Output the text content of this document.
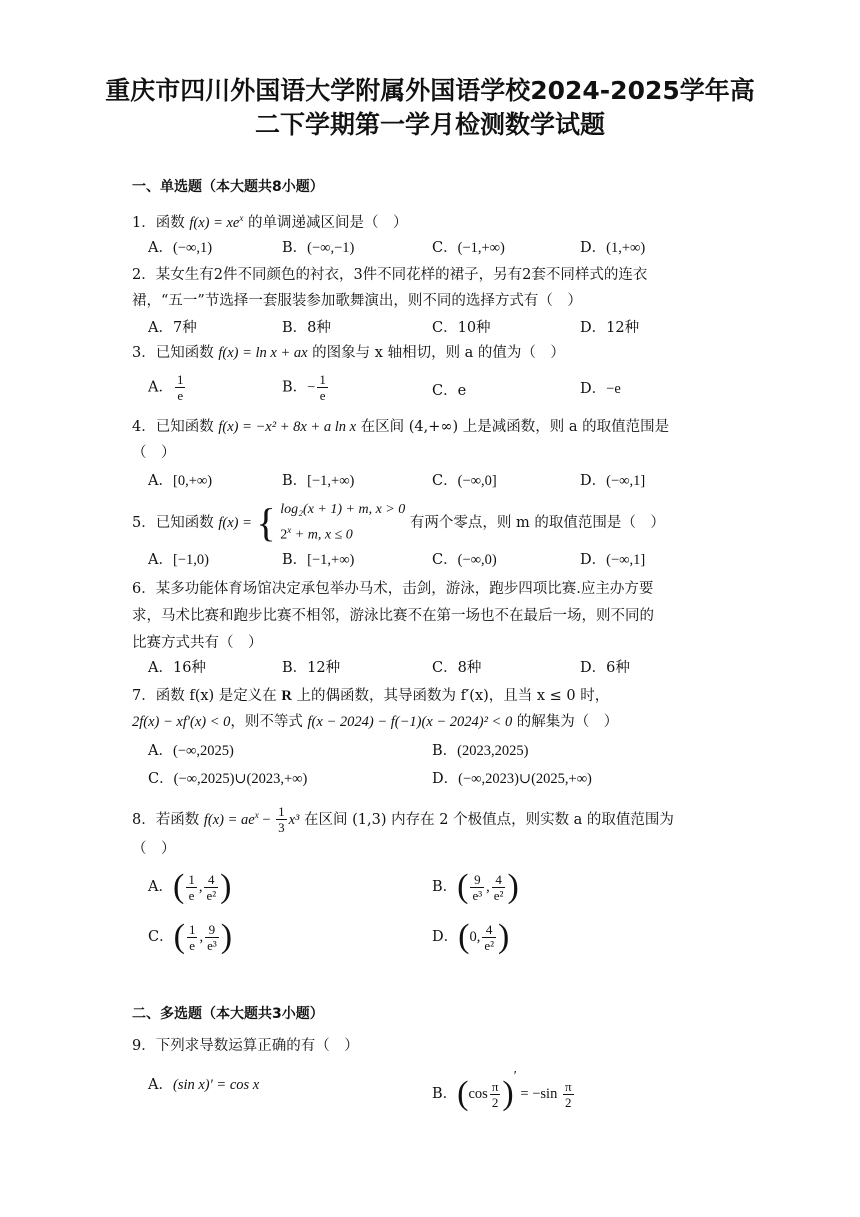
重庆市四川外国语大学附属外国语学校2024-2025学年高
二下学期第一学月检测数学试题
一、单选题（本大题共8小题）
1．函数 $f(x) = xe^x$ 的单调递减区间是（　）
A．(−∞,1)	B．(−∞,−1)	C．(−1,+∞)	D．(1,+∞)
2．某女生有2件不同颜色的衬衣，3件不同花样的裙子，另有2套不同样式的连衣
裙，“五一”节选择一套服装参加歌舞演出，则不同的选择方式有（　）
A．7种	B．8种	C．10种	D．12种
3．已知函数 f(x) = ln x + ax 的图象与 x 轴相切，则 a 的值为（　）
A． $\frac{1}{e}$	B．− $\frac{1}{e}$	C．e	D．−e
4．已知函数 f(x) = −x² + 8x + a ln x 在区间 (4,+∞) 上是减函数，则 a 的取值范围是
（　）
A．[0,+∞)	B．[−1,+∞)	C．(−∞,0]	D．(−∞,1]
5．已知函数 f(x) = { log₂(x + 1) + m, x > 0
$2^x + m$, x ≤ 0
有两个零点，则 m 的取值范围是（　）
A．[−1,0)	B．[−1,+∞)	C．(−∞,0)	D．(−∞,1]
6．某多功能体育场馆决定承包举办马术，击剑，游泳，跑步四项比赛.应主办方要
求，马术比赛和跑步比赛不相邻，游泳比赛不在第一场也不在最后一场，则不同的
比赛方式共有（　）
A．16种	B．12种	C．8种	D．6种
7．函数 f(x) 是定义在 R 上的偶函数，其导函数为 f′(x)，且当 x ≤ 0 时，
2f(x) − xf′(x) < 0，则不等式 f(x − 2024) − f(−1)(x − 2024)² < 0 的解集为（　）
A．(−∞,2025)	B．(2023,2025)
C．(−∞,2025)∪(2023,+∞)	D．(−∞,2023)∪(2025,+∞)
8．若函数 $f(x) = ae^x - \frac{1}{3} x^3$ 在区间 (1,3) 内存在 2 个极值点，则实数 a 的取值范围为
（　）
A．( $\frac{1}{e}$ , $\frac{4}{\text{e²}}$ )	B．( $\frac{9}{\text{e³}}$ , $\frac{4}{\text{e²}}$ )
C．( $\frac{1}{e}$ , $\frac{9}{\text{e³}}$ )	D．(0, $\frac{4}{\text{e²}}$ )
二、多选题（本大题共3小题）
9．下列求导数运算正确的有（　）
A．(sin x)′ = cos x
B．$(\cos \frac{\pi}{2} )' = -\sin \frac{\pi}{2}$
